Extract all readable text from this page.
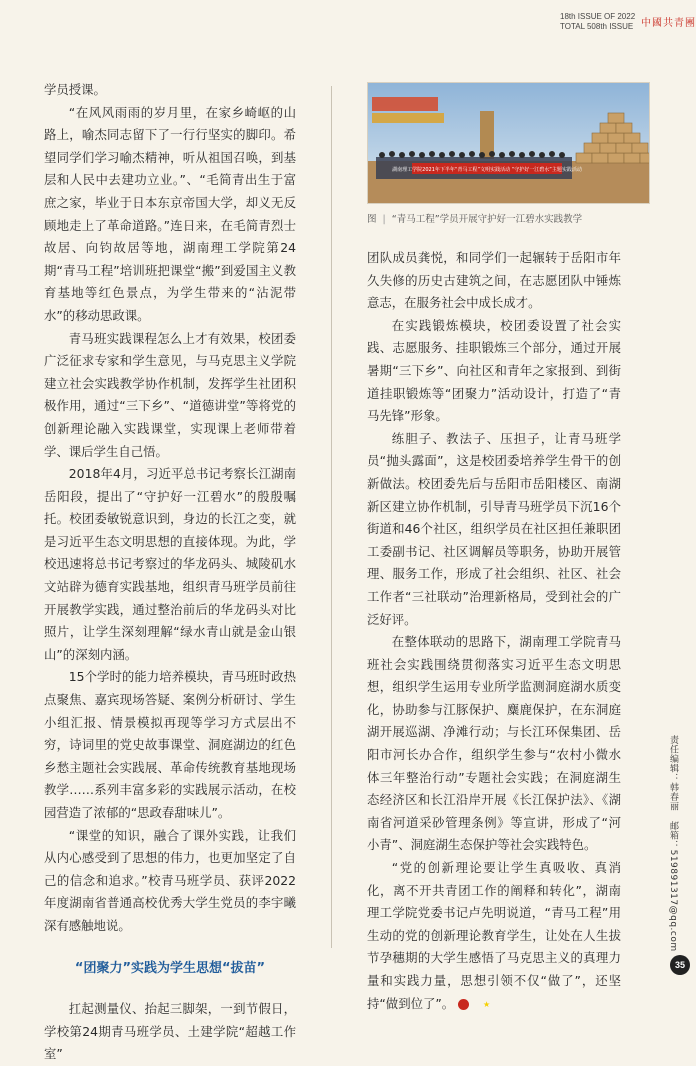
18th ISSUE OF 2022
TOTAL 508th ISSUE 中國共青團

学员授课。

“在风风雨雨的岁月里，在家乡崎岖的山路上，喻杰同志留下了一行行坚实的脚印。希望同学们学习喻杰精神，听从祖国召唤，到基层和人民中去建功立业。”、“毛简青出生于富庶之家，毕业于日本东京帝国大学，却义无反顾地走上了革命道路。”连日来，在毛简青烈士故居、向钧故居等地，湖南理工学院第24期“青马工程”培训班把课堂“搬”到爱国主义教育基地等红色景点，为学生带来的“沾泥带水”的移动思政课。

青马班实践课程怎么上才有效果，校团委广泛征求专家和学生意见，与马克思主义学院建立社会实践教学协作机制，发挥学生社团积极作用，通过“三下乡”、“道德讲堂”等将党的创新理论融入实践课堂，实现课上老师带着学、课后学生自己悟。

2018年4月，习近平总书记考察长江湖南岳阳段，提出了“守护好一江碧水”的殷殷嘱托。校团委敏锐意识到，身边的长江之变，就是习近平生态文明思想的直接体现。为此，学校迅速将总书记考察过的华龙码头、城陵矶水文站辟为德育实践基地，组织青马班学员前往开展教学实践，通过整治前后的华龙码头对比照片，让学生深刻理解“绿水青山就是金山银山”的深刻内涵。

15个学时的能力培养模块，青马班时政热点聚焦、嘉宾现场答疑、案例分析研讨、学生小组汇报、情景模拟再现等学习方式层出不穷，诗词里的党史故事课堂、洞庭湖边的红色乡愁主题社会实践展、革命传统教育基地现场教学……系列丰富多彩的实践展示活动，在校园营造了浓郁的“思政春甜味儿”。

“课堂的知识，融合了课外实践，让我们从内心感受到了思想的伟力，也更加坚定了自己的信念和追求。”校青马班学员、获评2022年度湖南省普通高校优秀大学生党员的李宇曦深有感触地说。

“团聚力”实践为学生思想“拔苗”

扛起测量仪、抬起三脚架，一到节假日，学校第24期青马班学员、土建学院“超越工作室”

湖南理工学院2021年下半年“青马工程”文明实践活动 “守护好一江碧水”主题实践活动
图 | “青马工程”学员开展守护好一江碧水实践教学

团队成员龚悦，和同学们一起辗转于岳阳市年久失修的历史古建筑之间，在志愿团队中锤炼意志，在服务社会中成长成才。

在实践锻炼模块，校团委设置了社会实践、志愿服务、挂职锻炼三个部分，通过开展暑期“三下乡”、向社区和青年之家报到、到街道挂职锻炼等“团聚力”活动设计，打造了“青马先锋”形象。

练胆子、教法子、压担子，让青马班学员“抛头露面”，这是校团委培养学生骨干的创新做法。校团委先后与岳阳市岳阳楼区、南湖新区建立协作机制，引导青马班学员下沉16个街道和46个社区，组织学员在社区担任兼职团工委副书记、社区调解员等职务，协助开展管理、服务工作，形成了社会组织、社区、社会工作者“三社联动”治理新格局，受到社会的广泛好评。

在整体联动的思路下，湖南理工学院青马班社会实践围绕贯彻落实习近平生态文明思想，组织学生运用专业所学监测洞庭湖水质变化，协助参与江豚保护、麋鹿保护，在东洞庭湖开展巡湖、净滩行动；与长江环保集团、岳阳市河长办合作，组织学生参与“农村小微水体三年整治行动”专题社会实践；在洞庭湖生态经济区和长江沿岸开展《长江保护法》、《湖南省河道采砂管理条例》等宣讲，形成了“河小青”、洞庭湖生态保护等社会实践特色。

“党的创新理论要让学生真吸收、真消化，离不开共青团工作的阐释和转化”，湖南理工学院党委书记卢先明说道，“青马工程”用生动的党的创新理论教育学生，让处在人生拔节孕穗期的大学生感悟了马克思主义的真理力量和实践力量，思想引领不仅“做了”，还坚持“做到位了”。	★

责任编辑：韩春丽   邮箱：519891317@qq.com
35
